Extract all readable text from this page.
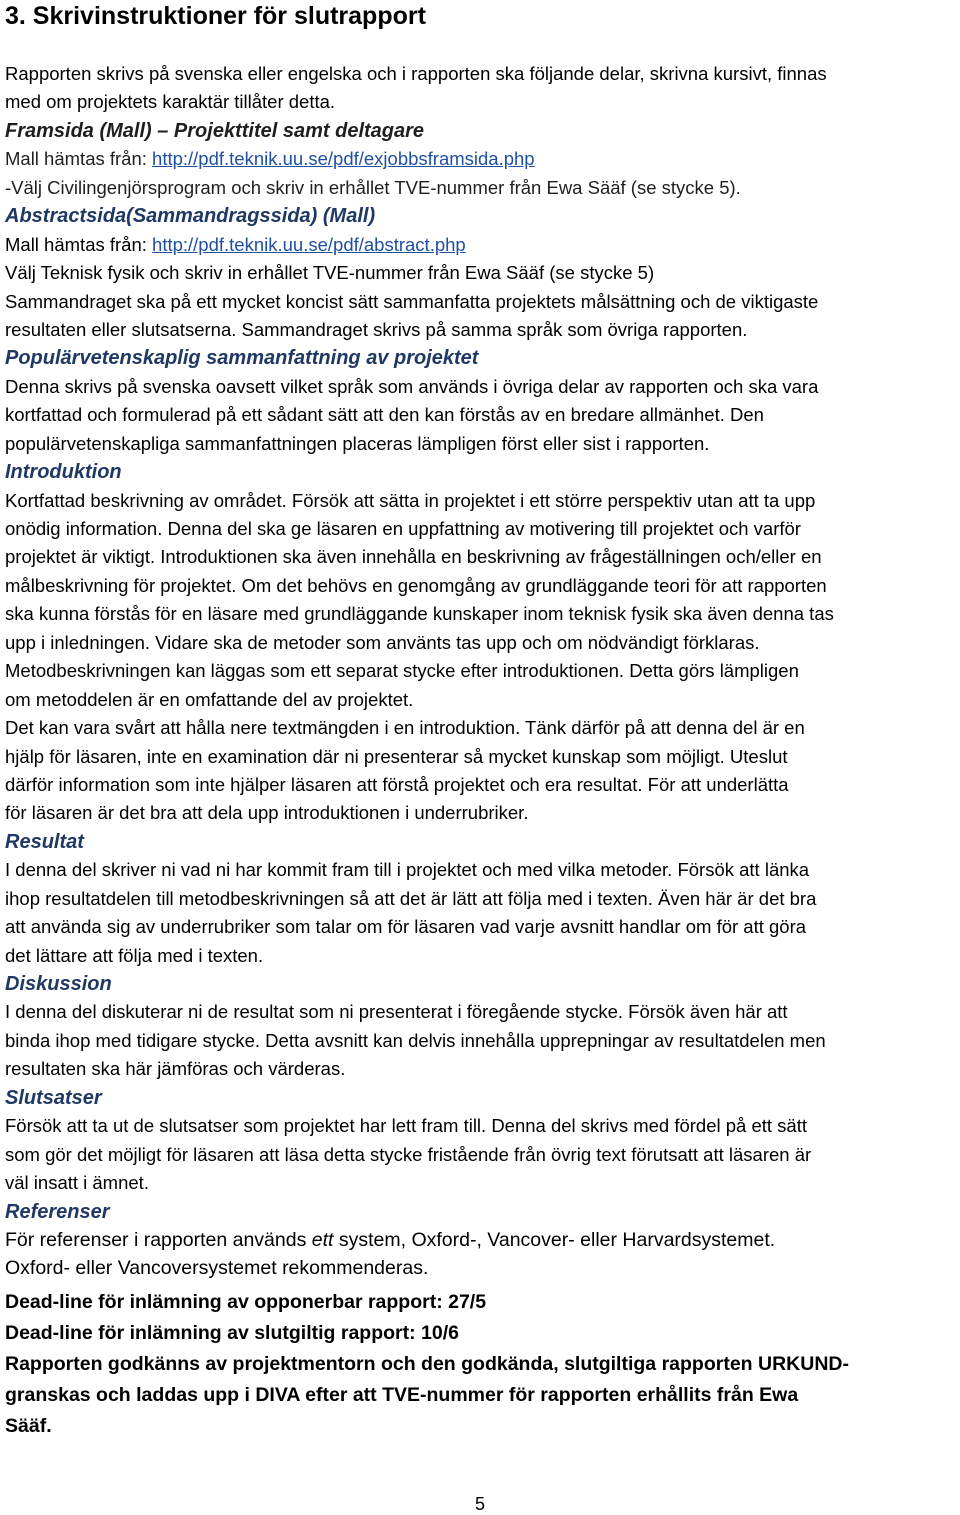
3. Skrivinstruktioner för slutrapport
Rapporten skrivs på svenska eller engelska och i rapporten ska följande delar, skrivna kursivt, finnas
med om projektets karaktär tillåter detta.
Framsida (Mall) – Projekttitel samt deltagare
Mall hämtas från: http://pdf.teknik.uu.se/pdf/exjobbsframsida.php
-Välj Civilingenjörsprogram och skriv in erhållet TVE-nummer från Ewa Sääf (se stycke 5).
Abstractsida(Sammandragssida) (Mall)
Mall hämtas från: http://pdf.teknik.uu.se/pdf/abstract.php
Välj Teknisk fysik och skriv in erhållet TVE-nummer från Ewa Sääf (se stycke 5)
Sammandraget ska på ett mycket koncist sätt sammanfatta projektets målsättning och de viktigaste
resultaten eller slutsatserna. Sammandraget skrivs på samma språk som övriga rapporten.
Populärvetenskaplig sammanfattning av projektet
Denna skrivs på svenska oavsett vilket språk som används i övriga delar av rapporten och ska vara
kortfattad och formulerad på ett sådant sätt att den kan förstås av en bredare allmänhet. Den
populärvetenskapliga sammanfattningen placeras lämpligen först eller sist i rapporten.
Introduktion
Kortfattad beskrivning av området. Försök att sätta in projektet i ett större perspektiv utan att ta upp
onödig information. Denna del ska ge läsaren en uppfattning av motivering till projektet och varför
projektet är viktigt. Introduktionen ska även innehålla en beskrivning av frågeställningen och/eller en
målbeskrivning för projektet. Om det behövs en genomgång av grundläggande teori för att rapporten
ska kunna förstås för en läsare med grundläggande kunskaper inom teknisk fysik ska även denna tas
upp i inledningen. Vidare ska de metoder som använts tas upp och om nödvändigt förklaras.
Metodbeskrivningen kan läggas som ett separat stycke efter introduktionen. Detta görs lämpligen
om metoddelen är en omfattande del av projektet.
Det kan vara svårt att hålla nere textmängden i en introduktion. Tänk därför på att denna del är en
hjälp för läsaren, inte en examination där ni presenterar så mycket kunskap som möjligt. Uteslut
därför information som inte hjälper läsaren att förstå projektet och era resultat. För att underlätta
för läsaren är det bra att dela upp introduktionen i underrubriker.
Resultat
I denna del skriver ni vad ni har kommit fram till i projektet och med vilka metoder. Försök att länka
ihop resultatdelen till metodbeskrivningen så att det är lätt att följa med i texten. Även här är det bra
att använda sig av underrubriker som talar om för läsaren vad varje avsnitt handlar om för att göra
det lättare att följa med i texten.
Diskussion
I denna del diskuterar ni de resultat som ni presenterat i föregående stycke. Försök även här att
binda ihop med tidigare stycke. Detta avsnitt kan delvis innehålla upprepningar av resultatdelen men
resultaten ska här jämföras och värderas.
Slutsatser
Försök att ta ut de slutsatser som projektet har lett fram till. Denna del skrivs med fördel på ett sätt
som gör det möjligt för läsaren att läsa detta stycke fristående från övrig text förutsatt att läsaren är
väl insatt i ämnet.
Referenser
För referenser i rapporten används ett system, Oxford-, Vancover- eller Harvardsystemet.
Oxford- eller Vancoversystemet rekommenderas.
Dead-line för inlämning av opponerbar rapport: 27/5
Dead-line för inlämning av slutgiltig rapport: 10/6
Rapporten godkänns av projektmentorn och den godkända, slutgiltiga rapporten URKUND-
granskas och laddas upp i DIVA efter att TVE-nummer för rapporten erhållits från Ewa
Sääf.
5
